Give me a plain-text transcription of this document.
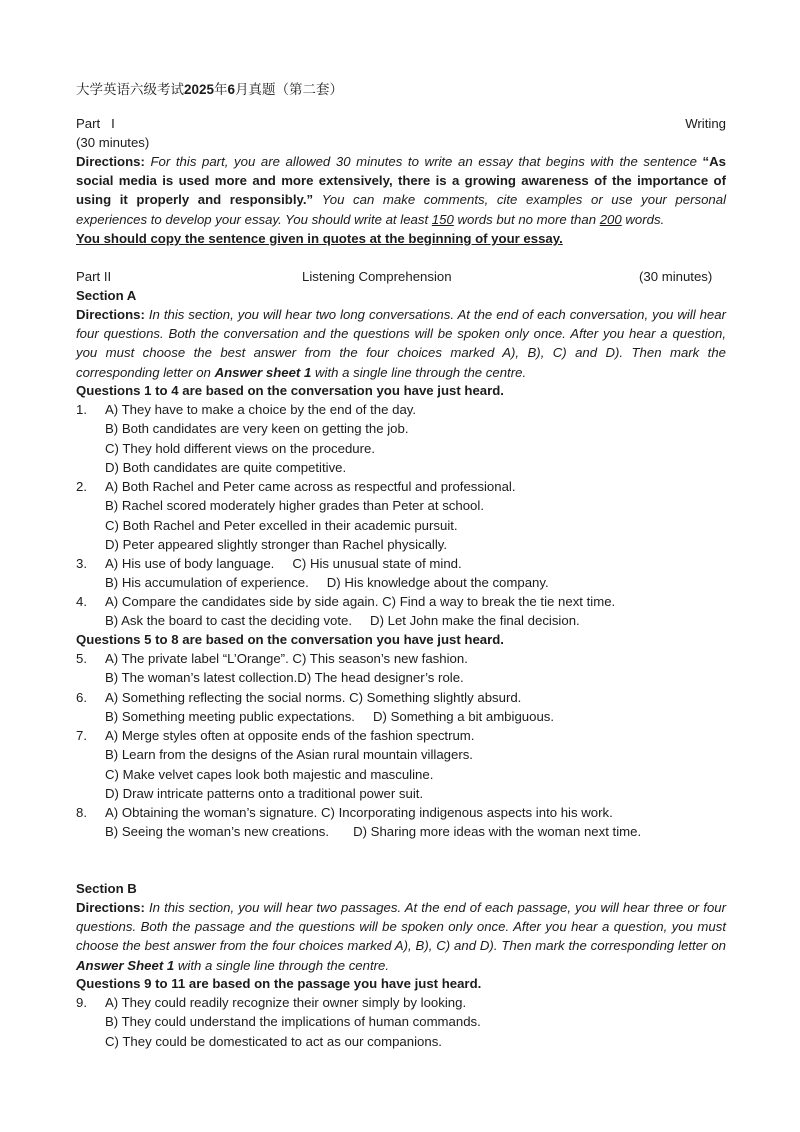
大学英语六级考试2025年6月真题（第二套）
Part   I	Writing
(30 minutes)
Directions: For this part, you are allowed 30 minutes to write an essay that begins with the sentence “As social media is used more and more extensively, there is a growing awareness of the importance of using it properly and responsibly.” You can make comments, cite examples or use your personal experiences to develop your essay. You should write at least 150 words but no more than 200 words.
You should copy the sentence given in quotes at the beginning of your essay.
Part II	Listening Comprehension	(30 minutes)
Section A
Directions: In this section, you will hear two long conversations. At the end of each conversation, you will hear four questions. Both the conversation and the questions will be spoken only once. After you hear a question, you must choose the best answer from the four choices marked A), B), C) and D). Then mark the corresponding letter on Answer sheet 1 with a single line through the centre.
Questions 1 to 4 are based on the conversation you have just heard.
1. A) They have to make a choice by the end of the day.
B) Both candidates are very keen on getting the job.
C) They hold different views on the procedure.
D) Both candidates are quite competitive.
2. A) Both Rachel and Peter came across as respectful and professional.
B) Rachel scored moderately higher grades than Peter at school.
C) Both Rachel and Peter excelled in their academic pursuit.
D) Peter appeared slightly stronger than Rachel physically.
3. A) His use of body language. C) His unusual state of mind.
B) His accumulation of experience. D) His knowledge about the company.
4. A) Compare the candidates side by side again. C) Find a way to break the tie next time.
B) Ask the board to cast the deciding vote. D) Let John make the final decision.
Questions 5 to 8 are based on the conversation you have just heard.
5. A) The private label “L’Orange”. C) This season’s new fashion.
B) The woman’s latest collection.D) The head designer’s role.
6. A) Something reflecting the social norms. C) Something slightly absurd.
B) Something meeting public expectations. D) Something a bit ambiguous.
7. A) Merge styles often at opposite ends of the fashion spectrum.
B) Learn from the designs of the Asian rural mountain villagers.
C) Make velvet capes look both majestic and masculine.
D) Draw intricate patterns onto a traditional power suit.
8. A) Obtaining the woman’s signature. C) Incorporating indigenous aspects into his work.
B) Seeing the woman’s new creations. D) Sharing more ideas with the woman next time.
Section B
Directions: In this section, you will hear two passages. At the end of each passage, you will hear three or four questions. Both the passage and the questions will be spoken only once. After you hear a question, you must choose the best answer from the four choices marked A), B), C) and D). Then mark the corresponding letter on Answer Sheet 1 with a single line through the centre.
Questions 9 to 11 are based on the passage you have just heard.
9. A) They could readily recognize their owner simply by looking.
B) They could understand the implications of human commands.
C) They could be domesticated to act as our companions.
